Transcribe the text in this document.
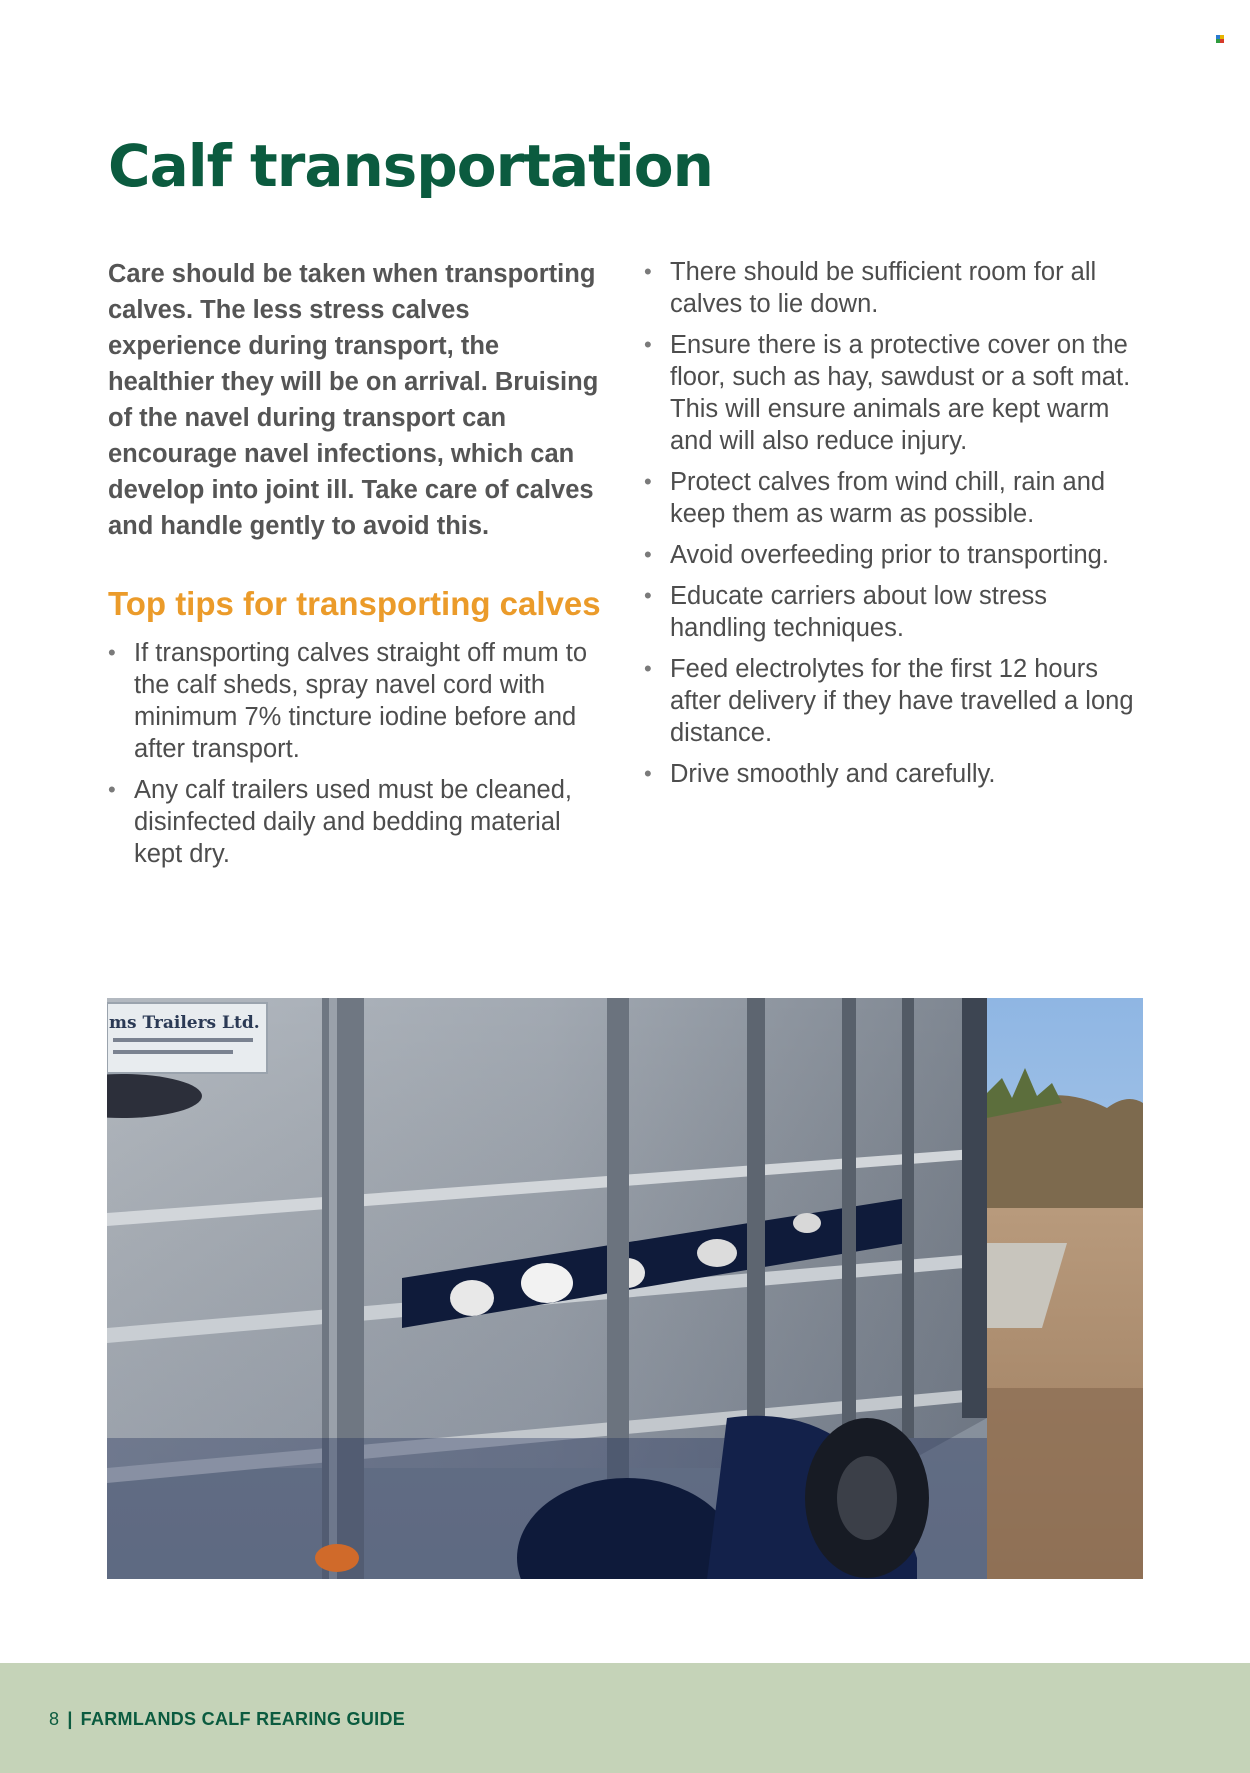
Calf transportation

Care should be taken when transporting calves. The less stress calves experience during transport, the healthier they will be on arrival. Bruising of the navel during transport can encourage navel infections, which can develop into joint ill. Take care of calves and handle gently to avoid this.

Top tips for transporting calves
• If transporting calves straight off mum to the calf sheds, spray navel cord with minimum 7% tincture iodine before and after transport.
• Any calf trailers used must be cleaned, disinfected daily and bedding material kept dry.
• There should be sufficient room for all calves to lie down.
• Ensure there is a protective cover on the floor, such as hay, sawdust or a soft mat. This will ensure animals are kept warm and will also reduce injury.
• Protect calves from wind chill, rain and keep them as warm as possible.
• Avoid overfeeding prior to transporting.
• Educate carriers about low stress handling techniques.
• Feed electrolytes for the first 12 hours after delivery if they have travelled a long distance.
• Drive smoothly and carefully.
ms Trailers Ltd.
8 | FARMLANDS CALF REARING GUIDE
